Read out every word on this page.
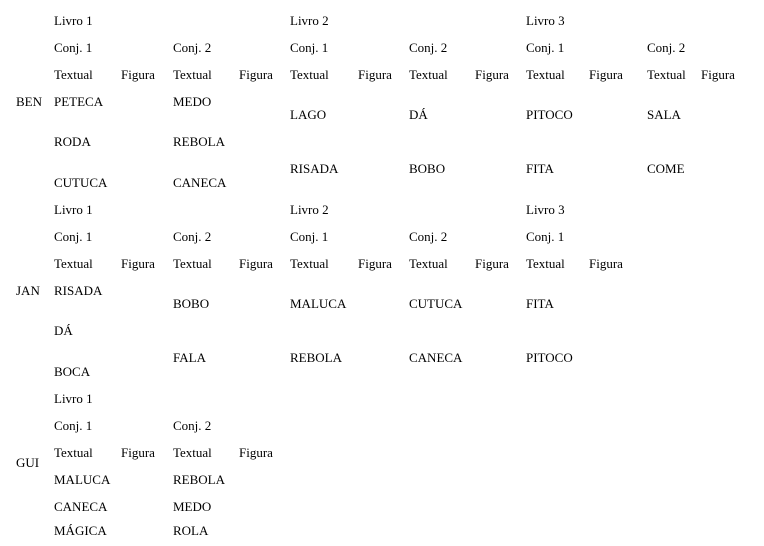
BEN
Livro 1
Conj. 1
Textual Figura
PETECA
RODA
CUTUCA
Conj. 2
Textual Figura
MEDO
REBOLA
CANECA
Livro 2
Conj. 1
Textual Figura
LAGO
RISADA
Conj. 2
Textual Figura
DÁ
BOBO
Livro 3
Conj. 1
Textual Figura
PITOCO
FITA
Conj. 2
Textual Figura
SALA
COME
JAN
Livro 1
Conj. 1
Textual Figura
RISADA
DÁ
BOCA
Conj. 2
Textual Figura
BOBO
FALA
Livro 2
Conj. 1
Textual Figura
MALUCA
REBOLA
Conj. 2
Textual Figura
CUTUCA
CANECA
Livro 3
Conj. 1
Textual Figura
FITA
PITOCO
GUI
Livro 1
Conj. 1
Textual Figura
MALUCA
CANECA
MÁGICA
Conj. 2
Textual Figura
REBOLA
MEDO
ROLA
